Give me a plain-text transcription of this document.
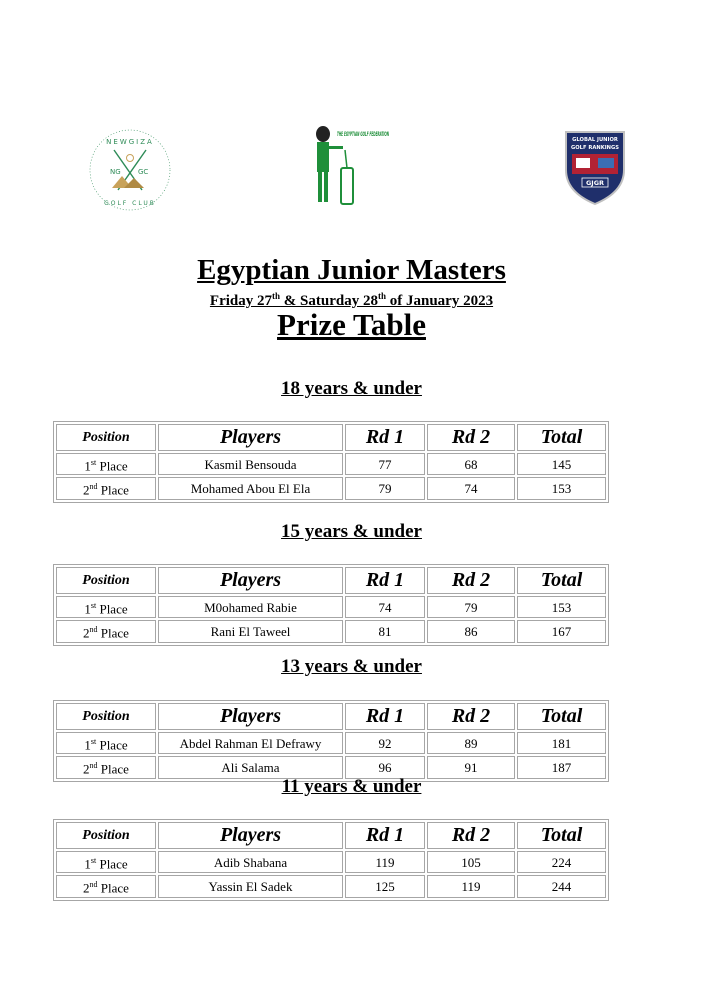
NEWGIZA
GOLF CLUB
NG GC
THE EGYPTIAN GOLF FEDERATION
GLOBAL JUNIOR
GOLF RANKINGS
GJGR
Egyptian Junior Masters
Friday 27th & Saturday 28th of January 2023
Prize Table
18 years & under
Position	Players	Rd 1	Rd 2	Total
1st Place	Kasmil Bensouda	77	68	145
2nd Place	Mohamed Abou El Ela	79	74	153
15 years & under
Position	Players	Rd 1	Rd 2	Total
1st Place	M0ohamed Rabie	74	79	153
2nd Place	Rani El Taweel	81	86	167
13 years & under
Position	Players	Rd 1	Rd 2	Total
1st Place	Abdel Rahman El Defrawy	92	89	181
2nd Place	Ali Salama	96	91	187
11 years & under
Position	Players	Rd 1	Rd 2	Total
1st Place	Adib Shabana	119	105	224
2nd Place	Yassin El Sadek	125	119	244
